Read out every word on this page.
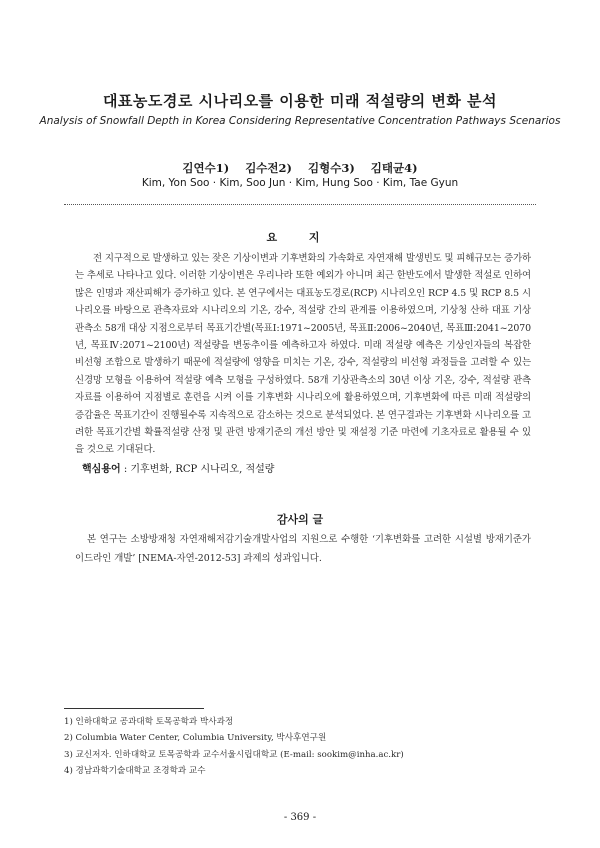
대표농도경로 시나리오를 이용한 미래 적설량의 변화 분석
Analysis of Snowfall Depth in Korea Considering Representative Concentration Pathways Scenarios
김연수1) 김수전2) 김형수3) 김태균4)
Kim, Yon Soo · Kim, Soo Jun · Kim, Hung Soo · Kim, Tae Gyun
요 지
전 지구적으로 발생하고 있는 잦은 기상이변과 기후변화의 가속화로 자연재해 발생빈도 및 피해규모는 증가하는 추세로 나타나고 있다. 이러한 기상이변은 우리나라 또한 예외가 아니며 최근 한반도에서 발생한 적설로 인하여 많은 인명과 재산피해가 증가하고 있다. 본 연구에서는 대표농도경로(RCP) 시나리오인 RCP 4.5 및 RCP 8.5 시나리오를 바탕으로 관측자료와 시나리오의 기온, 강수, 적설량 간의 관계를 이용하였으며, 기상청 산하 대표 기상관측소 58개 대상 지점으로부터 목표기간별(목표Ⅰ:1971~2005년, 목표Ⅱ:2006~2040년, 목표Ⅲ:2041~2070년, 목표Ⅳ:2071~2100년) 적설량을 변동추이를 예측하고자 하였다. 미래 적설량 예측은 기상인자들의 복잡한 비선형 조합으로 발생하기 때문에 적설량에 영향을 미치는 기온, 강수, 적설량의 비선형 과정들을 고려할 수 있는 신경망 모형을 이용하여 적설량 예측 모형을 구성하였다. 58개 기상관측소의 30년 이상 기온, 강수, 적설량 관측자료를 이용하여 지점별로 훈련을 시켜 이를 기후변화 시나리오에 활용하였으며, 기후변화에 따른 미래 적설량의 증감율은 목표기간이 진행될수록 지속적으로 감소하는 것으로 분석되었다. 본 연구결과는 기후변화 시나리오를 고려한 목표기간별 확률적설량 산정 및 관련 방재기준의 개선 방안 및 재설정 기준 마련에 기초자료로 활용될 수 있을 것으로 기대된다.
핵심용어 : 기후변화, RCP 시나리오, 적설량
감사의 글
본 연구는 소방방재청 자연재해저감기술개발사업의 지원으로 수행한 ‘기후변화를 고려한 시설별 방재기준가이드라인 개발’ [NEMA-자연-2012-53] 과제의 성과입니다.
1) 인하대학교 공과대학 토목공학과 박사과정
2) Columbia Water Center, Columbia University, 박사후연구원
3) 교신저자. 인하대학교 토목공학과 교수서울시립대학교 (E-mail: sookim@inha.ac.kr)
4) 경남과학기술대학교 조경학과 교수
- 369 -
